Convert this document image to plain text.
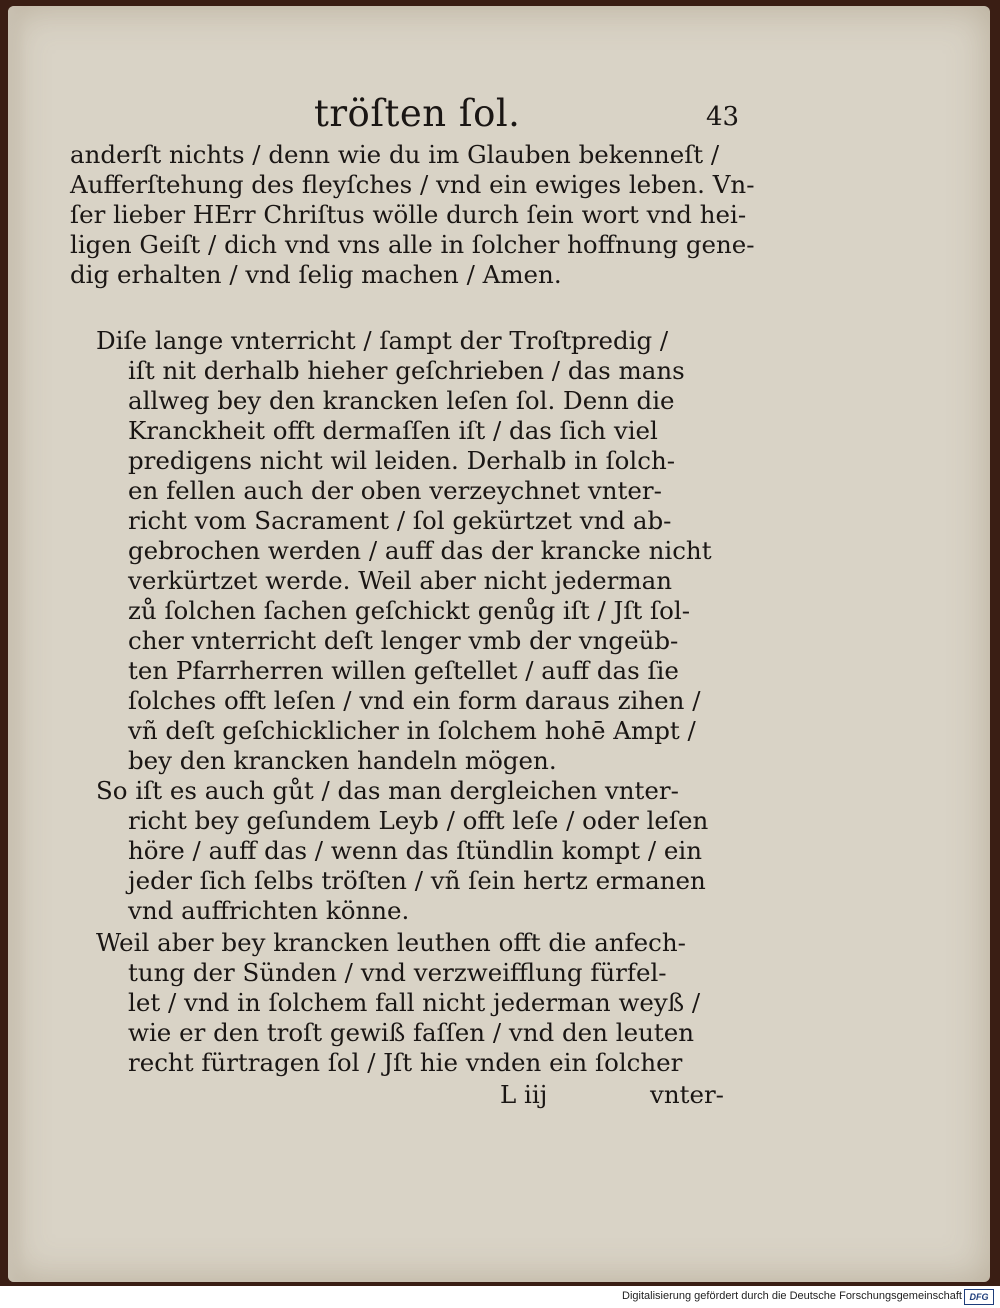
tröſten ſol.	43
anderſt nichts / denn wie du im Glauben bekenneſt /
Aufferſtehung des fleyſches / vnd ein ewiges leben. Vn-
ſer lieber HErr Chriſtus wölle durch ſein wort vnd hei-
ligen Geiſt / dich vnd vns alle in ſolcher hoffnung gene-
dig erhalten / vnd ſelig machen / Amen.
Diſe lange vnterricht / ſampt der Troſtpredig /
iſt nit derhalb hieher geſchrieben / das mans
allweg bey den krancken leſen ſol. Denn die
Kranckheit offt dermaſſen iſt / das ſich viel
predigens nicht wil leiden. Derhalb in ſolch-
en fellen auch der oben verzeychnet vnter-
richt vom Sacrament / ſol gekürtzet vnd ab-
gebrochen werden / auff das der krancke nicht
verkürtzet werde. Weil aber nicht jederman
zů ſolchen ſachen geſchickt genůg iſt / Jſt ſol-
cher vnterricht deſt lenger vmb der vngeüb-
ten Pfarrherren willen geſtellet / auff das ſie
ſolches offt leſen / vnd ein form daraus zihen /
vñ deſt geſchicklicher in ſolchem hohē Ampt /
bey den krancken handeln mögen.
So iſt es auch gůt / das man dergleichen vnter-
richt bey geſundem Leyb / offt leſe / oder leſen
höre / auff das / wenn das ſtündlin kompt / ein
jeder ſich ſelbs tröſten / vñ ſein hertz ermanen
vnd auffrichten könne.
Weil aber bey krancken leuthen offt die anfech-
tung der Sünden / vnd verzweifflung fürfel-
let / vnd in ſolchem fall nicht jederman weyß /
wie er den troſt gewiß faſſen / vnd den leuten
recht fürtragen ſol / Jſt hie vnden ein ſolcher
L iij	vnter-
Digitalisierung gefördert durch die Deutsche Forschungsgemeinschaft DFG
